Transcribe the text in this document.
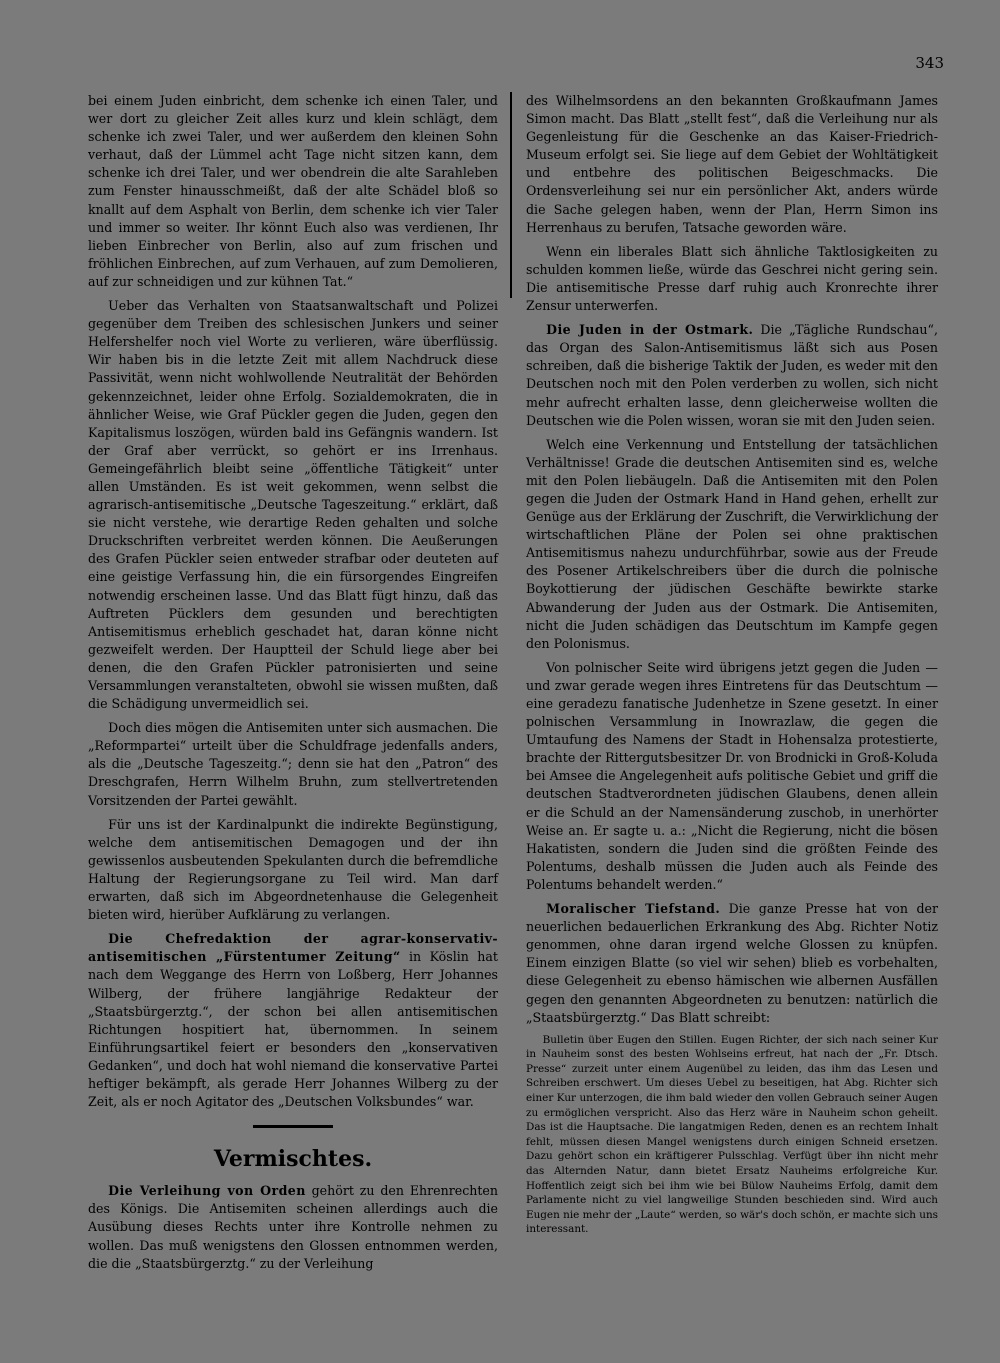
343

bei einem Juden einbricht, dem schenke ich einen Taler, und wer dort zu gleicher Zeit alles kurz und klein schlägt, dem schenke ich zwei Taler, und wer außerdem den kleinen Sohn verhaut, daß der Lümmel acht Tage nicht sitzen kann, dem schenke ich drei Taler, und wer obendrein die alte Sarahleben zum Fenster hinausschmeißt, daß der alte Schädel bloß so knallt auf dem Asphalt von Berlin, dem schenke ich vier Taler und immer so weiter. Ihr könnt Euch also was verdienen, Ihr lieben Einbrecher von Berlin, also auf zum frischen und fröhlichen Einbrechen, auf zum Verhauen, auf zum Demolieren, auf zur schneidigen und zur kühnen Tat.“

Ueber das Verhalten von Staatsanwaltschaft und Polizei gegenüber dem Treiben des schlesischen Junkers und seiner Helfershelfer noch viel Worte zu verlieren, wäre überflüssig. Wir haben bis in die letzte Zeit mit allem Nachdruck diese Passivität, wenn nicht wohlwollende Neutralität der Behörden gekennzeichnet, leider ohne Erfolg. Sozialdemokraten, die in ähnlicher Weise, wie Graf Pückler gegen die Juden, gegen den Kapitalismus loszögen, würden bald ins Gefängnis wandern. Ist der Graf aber verrückt, so gehört er ins Irrenhaus. Gemeingefährlich bleibt seine „öffentliche Tätigkeit“ unter allen Umständen. Es ist weit gekommen, wenn selbst die agrarisch-antisemitische „Deutsche Tageszeitung.“ erklärt, daß sie nicht verstehe, wie derartige Reden gehalten und solche Druckschriften verbreitet werden können. Die Aeußerungen des Grafen Pückler seien entweder strafbar oder deuteten auf eine geistige Verfassung hin, die ein fürsorgendes Eingreifen notwendig erscheinen lasse. Und das Blatt fügt hinzu, daß das Auftreten Pücklers dem gesunden und berechtigten Antisemitismus erheblich geschadet hat, daran könne nicht gezweifelt werden. Der Hauptteil der Schuld liege aber bei denen, die den Grafen Pückler patronisierten und seine Versammlungen veranstalteten, obwohl sie wissen mußten, daß die Schädigung unvermeidlich sei.

Doch dies mögen die Antisemiten unter sich ausmachen. Die „Reformpartei“ urteilt über die Schuldfrage jedenfalls anders, als die „Deutsche Tageszeitg.“; denn sie hat den „Patron“ des Dreschgrafen, Herrn Wilhelm Bruhn, zum stellvertretenden Vorsitzenden der Partei gewählt.

Für uns ist der Kardinalpunkt die indirekte Begünstigung, welche dem antisemitischen Demagogen und der ihn gewissenlos ausbeutenden Spekulanten durch die befremdliche Haltung der Regierungsorgane zu Teil wird. Man darf erwarten, daß sich im Abgeordnetenhause die Gelegenheit bieten wird, hierüber Aufklärung zu verlangen.

Die Chefredaktion der agrar-konservativ-antisemitischen „Fürstentumer Zeitung“ in Köslin hat nach dem Weggange des Herrn von Loßberg, Herr Johannes Wilberg, der frühere langjährige Redakteur der „Staatsbürgerztg.“, der schon bei allen antisemitischen Richtungen hospitiert hat, übernommen. In seinem Einführungsartikel feiert er besonders den „konservativen Gedanken“, und doch hat wohl niemand die konservative Partei heftiger bekämpft, als gerade Herr Johannes Wilberg zu der Zeit, als er noch Agitator des „Deutschen Volksbundes“ war.

Vermischtes.

Die Verleihung von Orden gehört zu den Ehrenrechten des Königs. Die Antisemiten scheinen allerdings auch die Ausübung dieses Rechts unter ihre Kontrolle nehmen zu wollen. Das muß wenigstens den Glossen entnommen werden, die die „Staatsbürgerztg.“ zu der Verleihung

des Wilhelmsordens an den bekannten Großkaufmann James Simon macht. Das Blatt „stellt fest“, daß die Verleihung nur als Gegenleistung für die Geschenke an das Kaiser-Friedrich-Museum erfolgt sei. Sie liege auf dem Gebiet der Wohltätigkeit und entbehre des politischen Beigeschmacks. Die Ordensverleihung sei nur ein persönlicher Akt, anders würde die Sache gelegen haben, wenn der Plan, Herrn Simon ins Herrenhaus zu berufen, Tatsache geworden wäre.

Wenn ein liberales Blatt sich ähnliche Taktlosigkeiten zu schulden kommen ließe, würde das Geschrei nicht gering sein. Die antisemitische Presse darf ruhig auch Kronrechte ihrer Zensur unterwerfen.

Die Juden in der Ostmark. Die „Tägliche Rundschau“, das Organ des Salon-Antisemitismus läßt sich aus Posen schreiben, daß die bisherige Taktik der Juden, es weder mit den Deutschen noch mit den Polen verderben zu wollen, sich nicht mehr aufrecht erhalten lasse, denn gleicherweise wollten die Deutschen wie die Polen wissen, woran sie mit den Juden seien.

Welch eine Verkennung und Entstellung der tatsächlichen Verhältnisse! Grade die deutschen Antisemiten sind es, welche mit den Polen liebäugeln. Daß die Antisemiten mit den Polen gegen die Juden der Ostmark Hand in Hand gehen, erhellt zur Genüge aus der Erklärung der Zuschrift, die Verwirklichung der wirtschaftlichen Pläne der Polen sei ohne praktischen Antisemitismus nahezu undurchführbar, sowie aus der Freude des Posener Artikelschreibers über die durch die polnische Boykottierung der jüdischen Geschäfte bewirkte starke Abwanderung der Juden aus der Ostmark. Die Antisemiten, nicht die Juden schädigen das Deutschtum im Kampfe gegen den Polonismus.

Von polnischer Seite wird übrigens jetzt gegen die Juden — und zwar gerade wegen ihres Eintretens für das Deutschtum — eine geradezu fanatische Judenhetze in Szene gesetzt. In einer polnischen Versammlung in Inowrazlaw, die gegen die Umtaufung des Namens der Stadt in Hohensalza protestierte, brachte der Rittergutsbesitzer Dr. von Brodnicki in Groß-Koluda bei Amsee die Angelegenheit aufs politische Gebiet und griff die deutschen Stadtverordneten jüdischen Glaubens, denen allein er die Schuld an der Namensänderung zuschob, in unerhörter Weise an. Er sagte u. a.: „Nicht die Regierung, nicht die bösen Hakatisten, sondern die Juden sind die größten Feinde des Polentums, deshalb müssen die Juden auch als Feinde des Polentums behandelt werden.“

Moralischer Tiefstand. Die ganze Presse hat von der neuerlichen bedauerlichen Erkrankung des Abg. Richter Notiz genommen, ohne daran irgend welche Glossen zu knüpfen. Einem einzigen Blatte (so viel wir sehen) blieb es vorbehalten, diese Gelegenheit zu ebenso hämischen wie albernen Ausfällen gegen den genannten Abgeordneten zu benutzen: natürlich die „Staatsbürgerztg.“ Das Blatt schreibt:

Bulletin über Eugen den Stillen. Eugen Richter, der sich nach seiner Kur in Nauheim sonst des besten Wohlseins erfreut, hat nach der „Fr. Dtsch. Presse“ zurzeit unter einem Augenübel zu leiden, das ihm das Lesen und Schreiben erschwert. Um dieses Uebel zu beseitigen, hat Abg. Richter sich einer Kur unterzogen, die ihm bald wieder den vollen Gebrauch seiner Augen zu ermöglichen verspricht. Also das Herz wäre in Nauheim schon geheilt. Das ist die Hauptsache. Die langatmigen Reden, denen es an rechtem Inhalt fehlt, müssen diesen Mangel wenigstens durch einigen Schneid ersetzen. Dazu gehört schon ein kräftigerer Pulsschlag. Verfügt über ihn nicht mehr das Alternden Natur, dann bietet Ersatz Nauheims erfolgreiche Kur. Hoffentlich zeigt sich bei ihm wie bei Bülow Nauheims Erfolg, damit dem Parlamente nicht zu viel langweilige Stunden beschieden sind. Wird auch Eugen nie mehr der „Laute“ werden, so wär's doch schön, er machte sich uns interessant.
